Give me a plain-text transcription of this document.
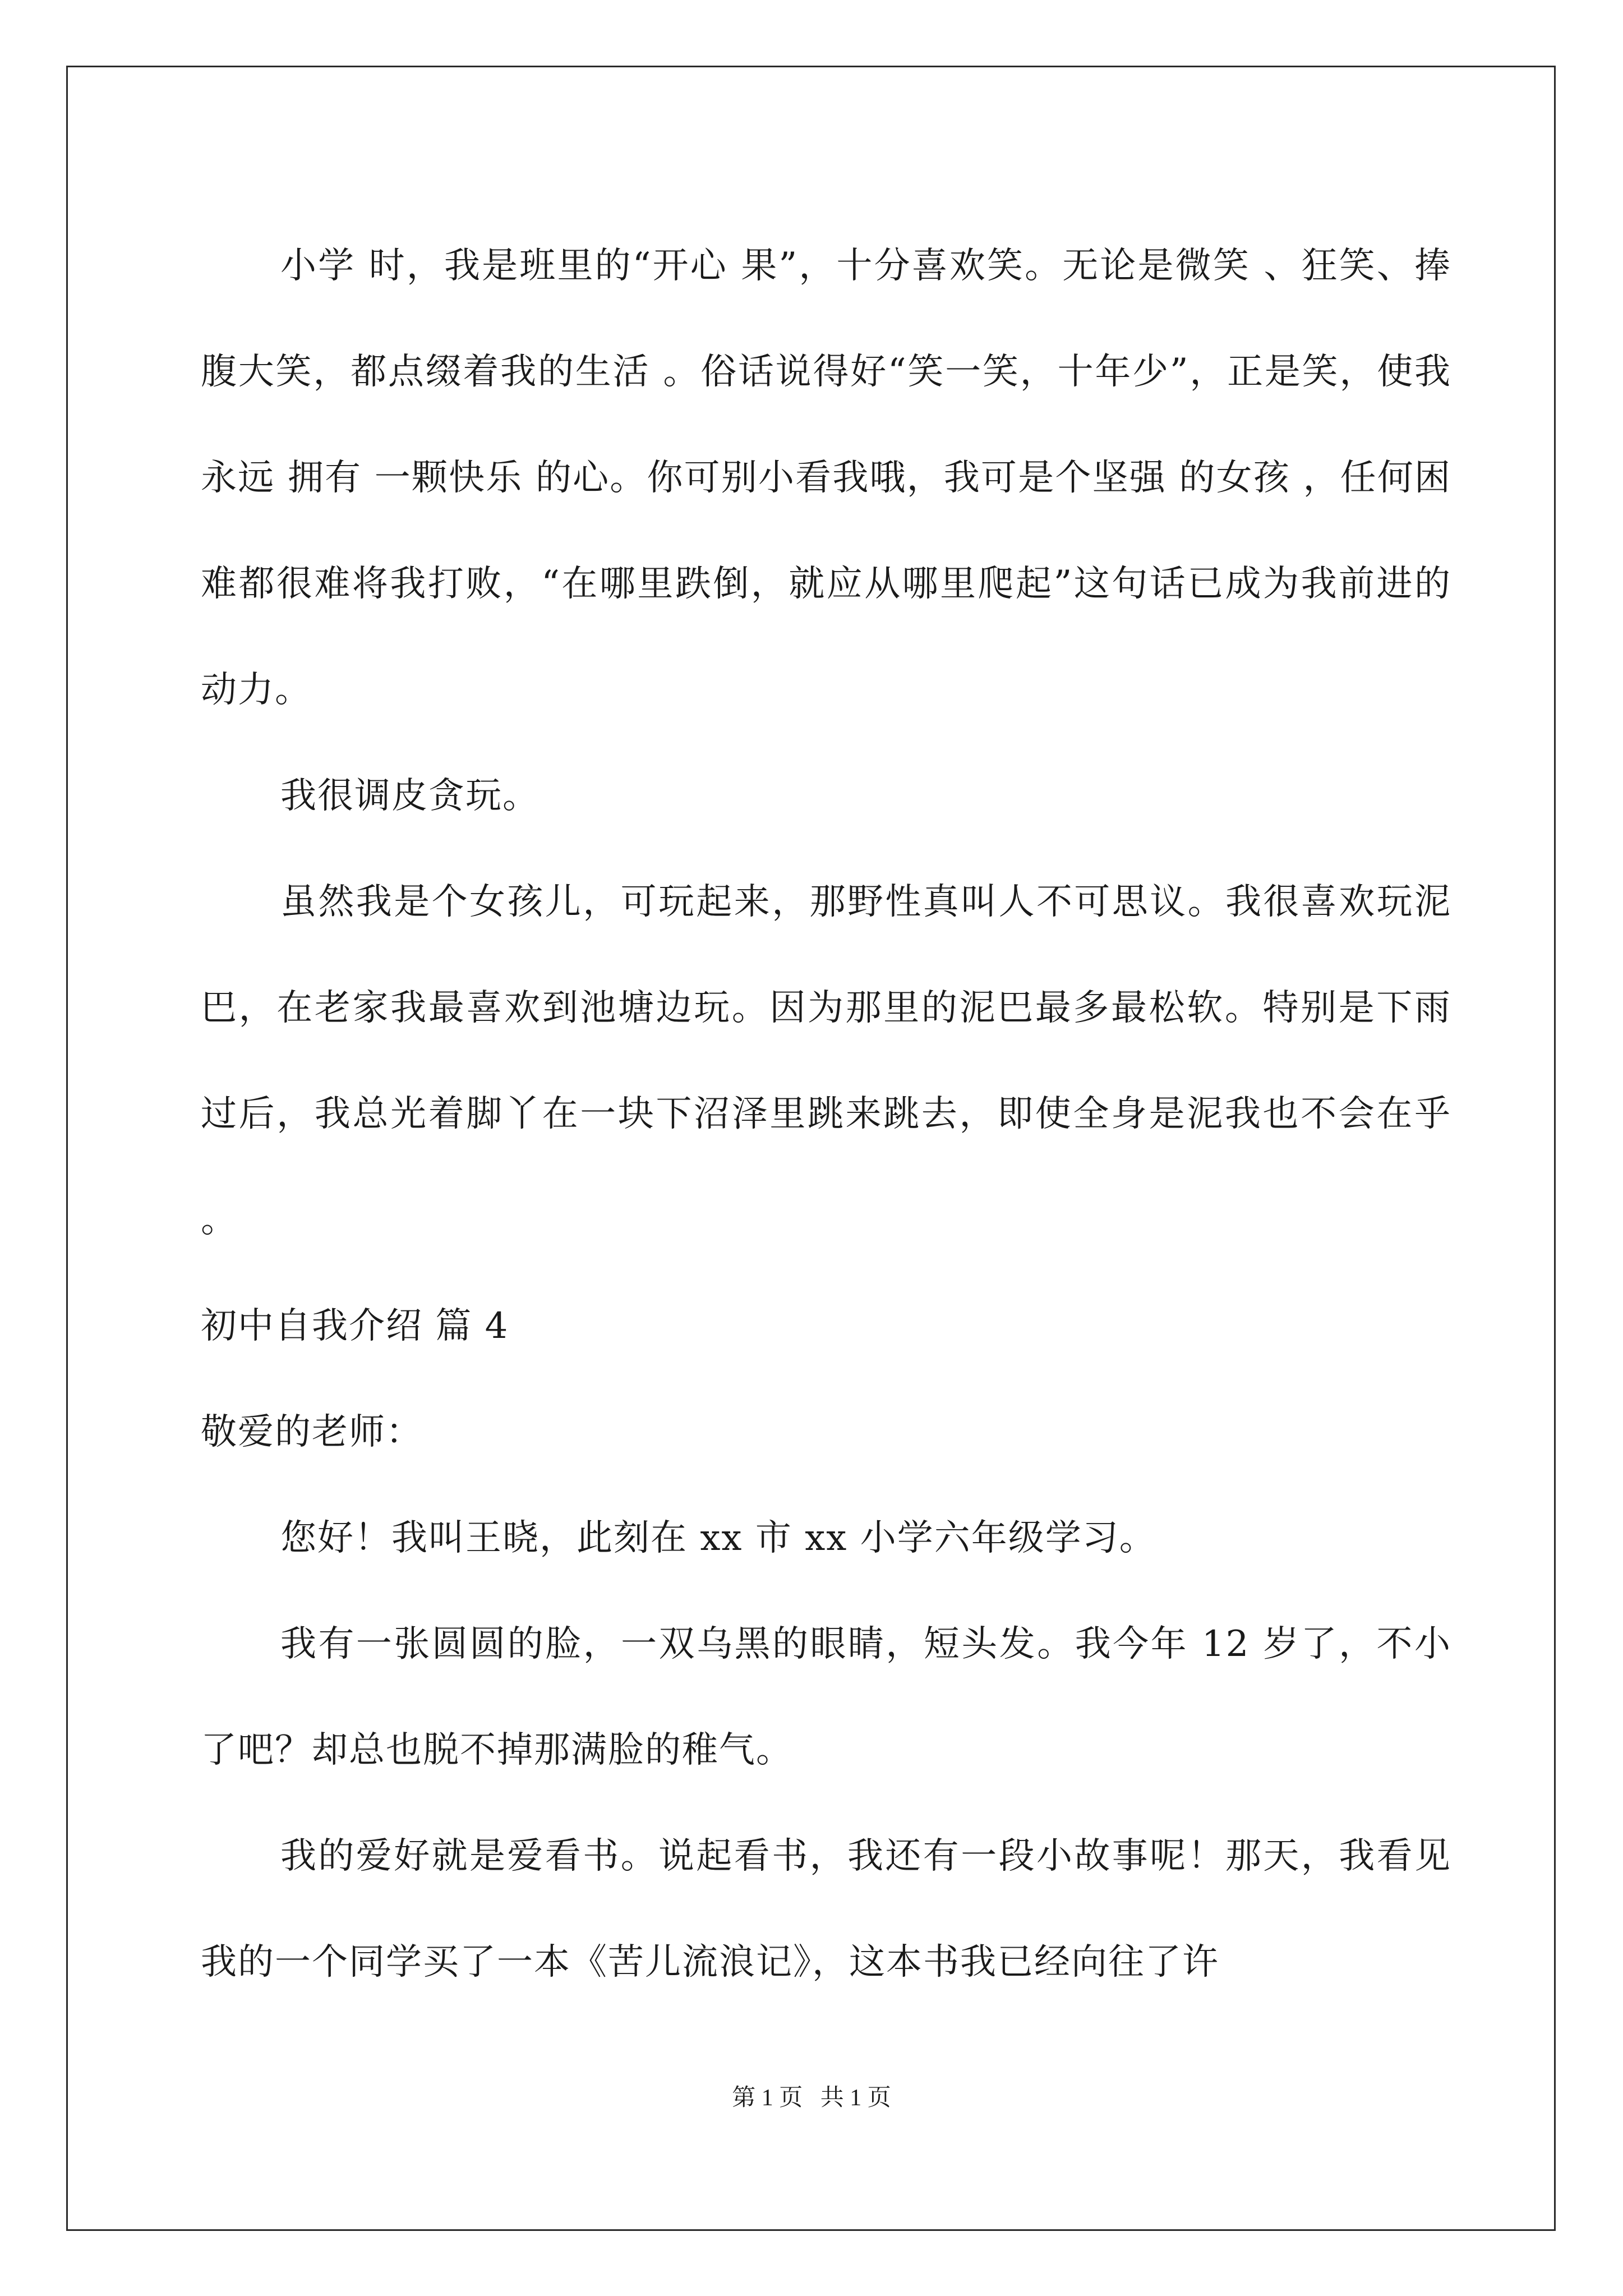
小学 时，我是班里的“开心 果”，十分喜欢笑。无论是微笑 、狂笑、捧腹大笑，都点缀着我的生活 。俗话说得好“笑一笑，十年少”，正是笑，使我永远 拥有 一颗快乐 的心。你可别小看我哦，我可是个坚强 的女孩 ，任何困难都很难将我打败，“在哪里跌倒，就应从哪里爬起”这句话已成为我前进的动力。

我很调皮贪玩。

虽然我是个女孩儿，可玩起来，那野性真叫人不可思议。我很喜欢玩泥巴，在老家我最喜欢到池塘边玩。因为那里的泥巴最多最松软。特别是下雨过后，我总光着脚丫在一块下沼泽里跳来跳去，即使全身是泥我也不会在乎 。

初中自我介绍 篇 4

敬爱的老师：

您好！我叫王晓，此刻在 xx 市 xx 小学六年级学习。

我有一张圆圆的脸，一双乌黑的眼睛，短头发。我今年 12 岁了，不小了吧？却总也脱不掉那满脸的稚气。

我的爱好就是爱看书。说起看书，我还有一段小故事呢！那天，我看见我的一个同学买了一本《苦儿流浪记》，这本书我已经向往了许

第 1 页 共 1 页
